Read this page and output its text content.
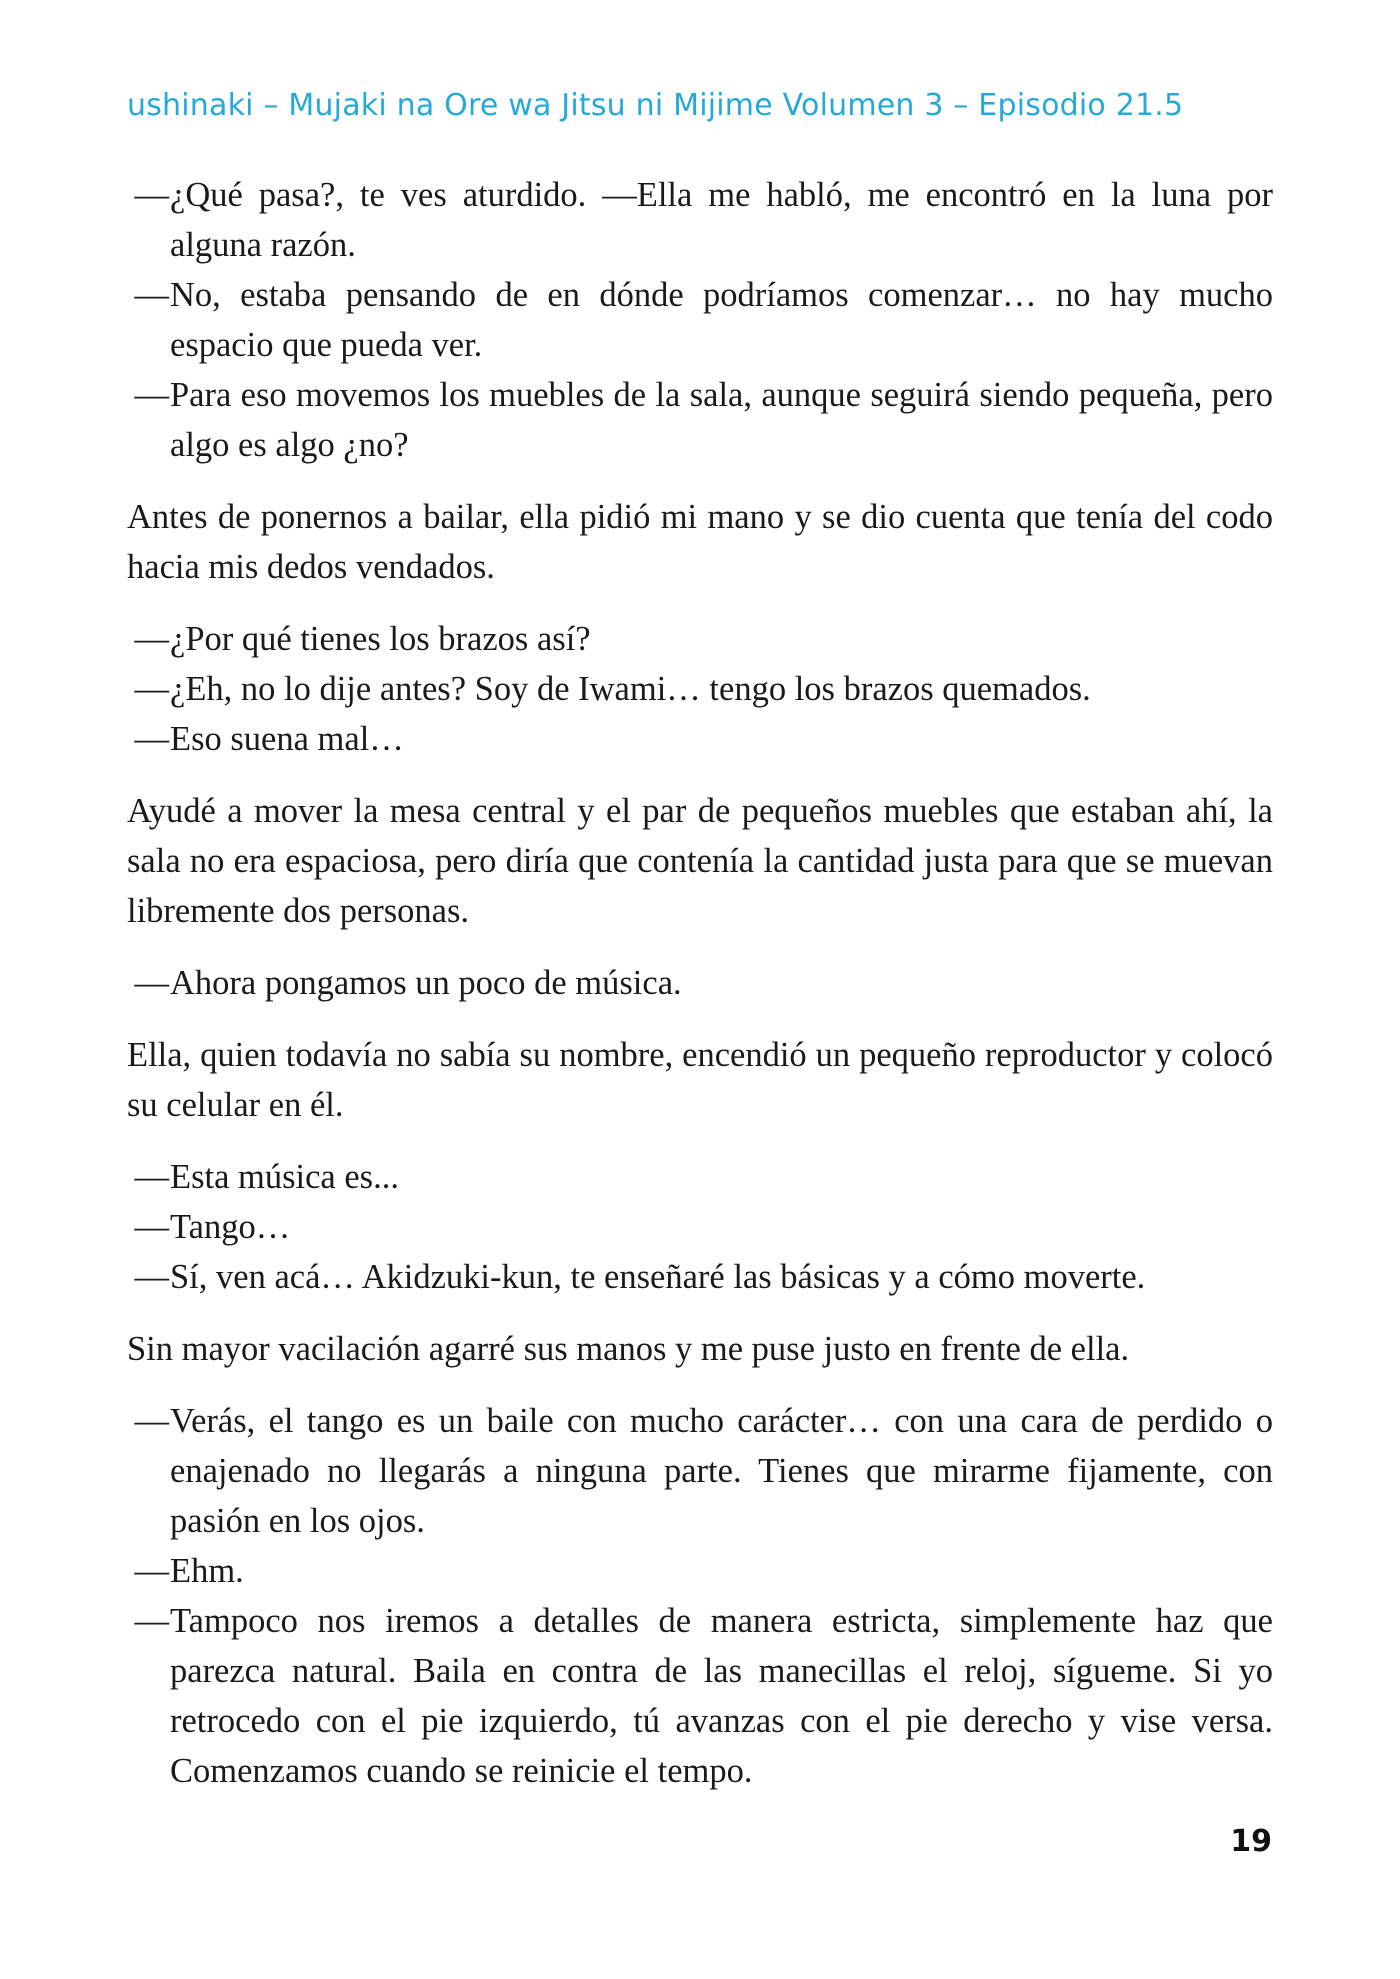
ushinaki – Mujaki na Ore wa Jitsu ni Mijime Volumen 3 – Episodio 21.5
—
¿Qué pasa?, te ves aturdido. —Ella me habló, me encontró en la luna por alguna razón.
—
No, estaba pensando de en dónde podríamos comenzar… no hay mucho espacio que pueda ver.
—
Para eso movemos los muebles de la sala, aunque seguirá siendo pequeña, pero algo es algo ¿no?

Antes de ponernos a bailar, ella pidió mi mano y se dio cuenta que tenía del codo hacia mis dedos vendados.

—
¿Por qué tienes los brazos así?
—
¿Eh, no lo dije antes? Soy de Iwami… tengo los brazos quemados.
—
Eso suena mal…

Ayudé a mover la mesa central y el par de pequeños muebles que estaban ahí, la sala no era espaciosa, pero diría que contenía la cantidad justa para que se muevan libremente dos personas.

—
Ahora pongamos un poco de música.

Ella, quien todavía no sabía su nombre, encendió un pequeño reproductor y colocó su celular en él.

—
Esta música es...
—
Tango…
—
Sí, ven acá… Akidzuki-kun, te enseñaré las básicas y a cómo moverte.

Sin mayor vacilación agarré sus manos y me puse justo en frente de ella.

—
Verás, el tango es un baile con mucho carácter… con una cara de perdido o enajenado no llegarás a ninguna parte. Tienes que mirarme fijamente, con pasión en los ojos.
—
Ehm.
—
Tampoco nos iremos a detalles de manera estricta, simplemente haz que parezca natural. Baila en contra de las manecillas el reloj, sígueme. Si yo retrocedo con el pie izquierdo, tú avanzas con el pie derecho y vise versa. Comenzamos cuando se reinicie el tempo.
19
